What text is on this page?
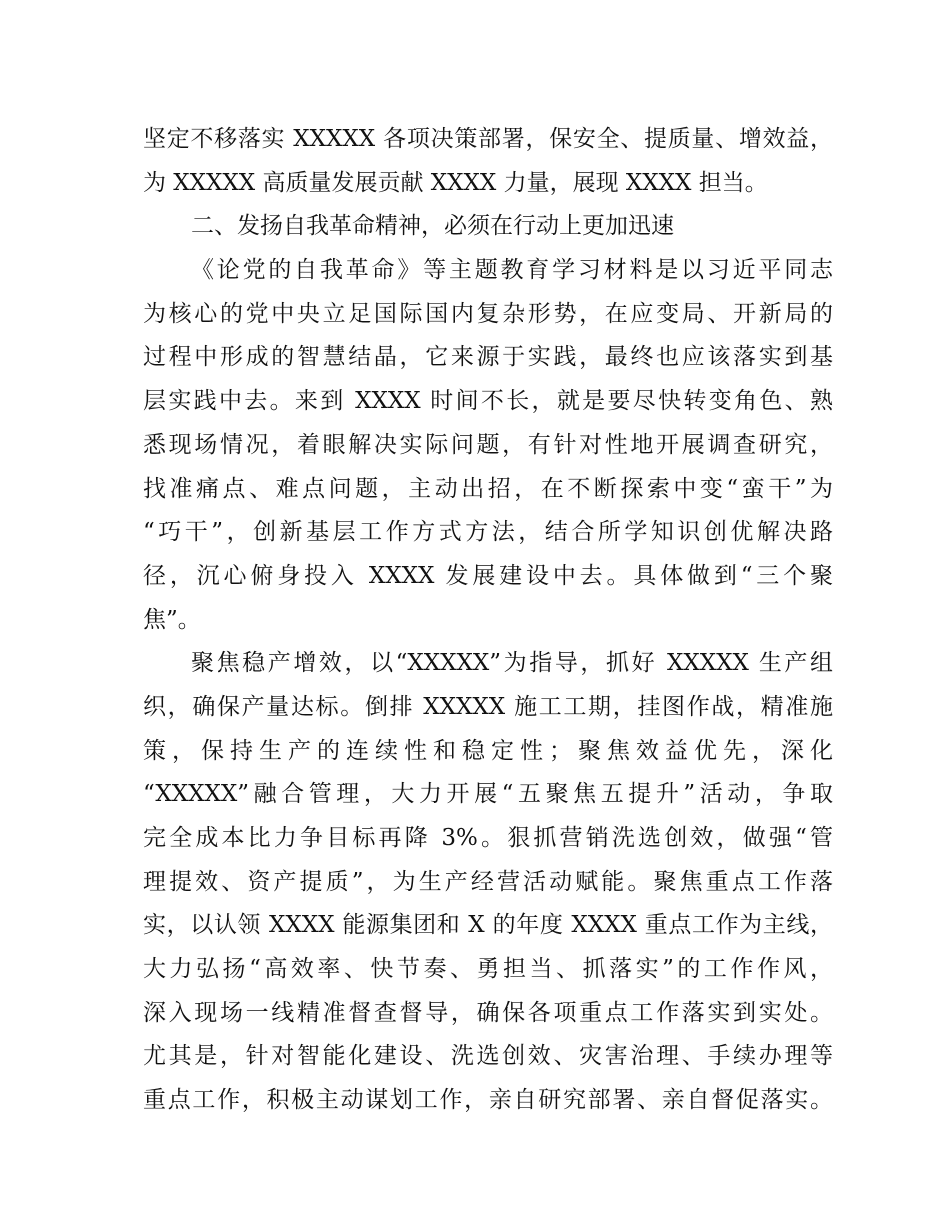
坚定不移落实 XXXXX 各项决策部署，保安全、提质量、增效益，
为 XXXXX 高质量发展贡献 XXXX 力量，展现 XXXX 担当。
二、发扬自我革命精神，必须在行动上更加迅速
《论党的自我革命》等主题教育学习材料是以习近平同志
为核心的党中央立足国际国内复杂形势，在应变局、开新局的
过程中形成的智慧结晶，它来源于实践，最终也应该落实到基
层实践中去。来到 XXXX 时间不长，就是要尽快转变角色、熟
悉现场情况，着眼解决实际问题，有针对性地开展调查研究，
找准痛点、难点问题，主动出招，在不断探索中变“蛮干”为
“巧干”，创新基层工作方式方法，结合所学知识创优解决路
径，沉心俯身投入 XXXX 发展建设中去。具体做到“三个聚
焦”。
聚焦稳产增效，以“XXXXX”为指导，抓好 XXXXX 生产组
织，确保产量达标。倒排 XXXXX 施工工期，挂图作战，精准施
策，保持生产的连续性和稳定性；聚焦效益优先，深化
“XXXXX”融合管理，大力开展“五聚焦五提升”活动，争取
完全成本比力争目标再降 3%。狠抓营销洗选创效，做强“管
理提效、资产提质”，为生产经营活动赋能。聚焦重点工作落
实，以认领 XXXX 能源集团和 X 的年度 XXXX 重点工作为主线，
大力弘扬“高效率、快节奏、勇担当、抓落实”的工作作风，
深入现场一线精准督查督导，确保各项重点工作落实到实处。
尤其是，针对智能化建设、洗选创效、灾害治理、手续办理等
重点工作，积极主动谋划工作，亲自研究部署、亲自督促落实。
